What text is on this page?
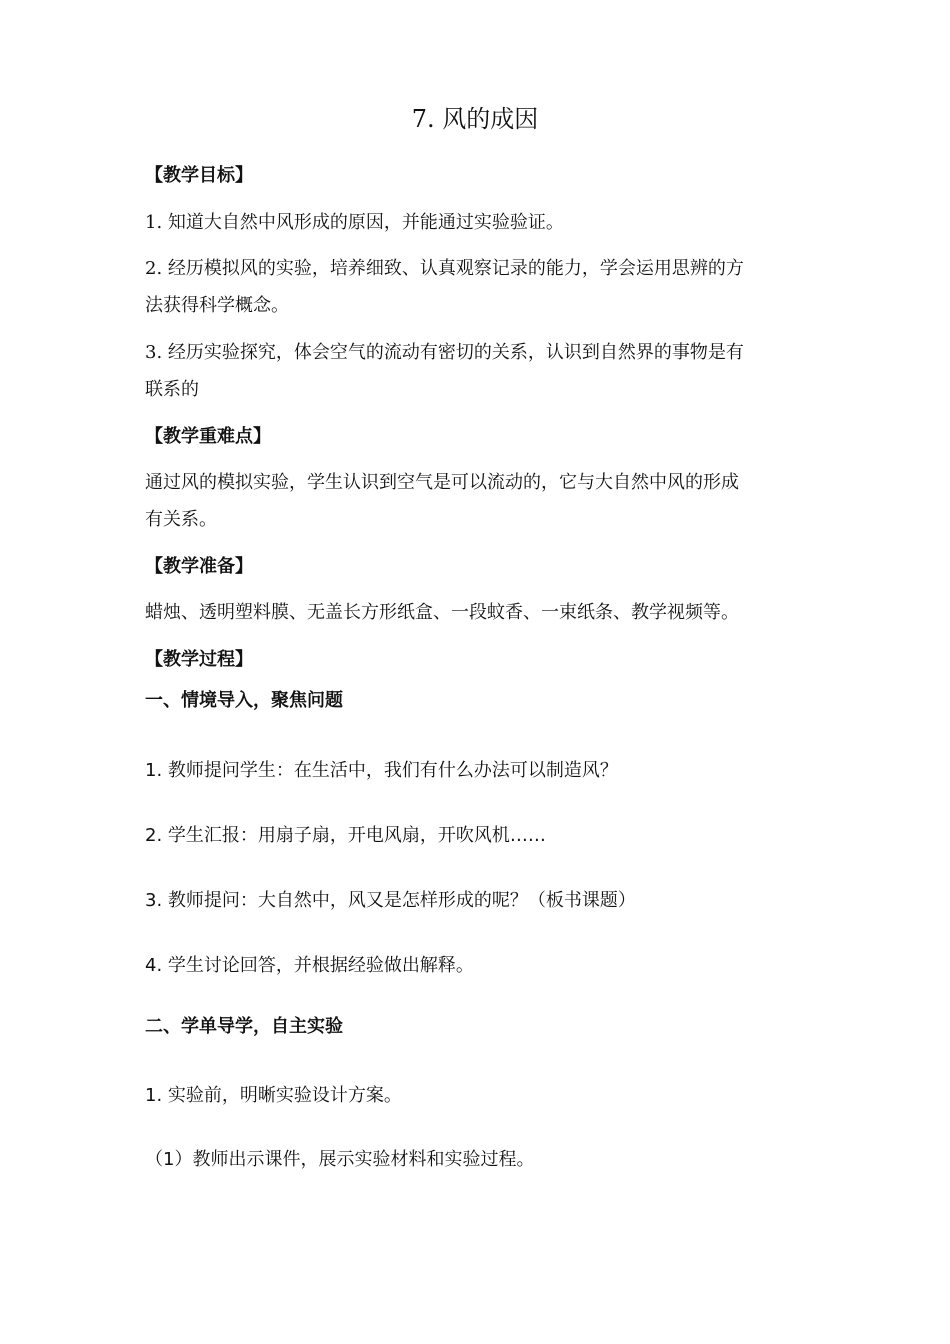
7. 风的成因
【教学目标】
1. 知道大自然中风形成的原因，并能通过实验验证。
2. 经历模拟风的实验，培养细致、认真观察记录的能力，学会运用思辨的方
法获得科学概念。
3. 经历实验探究，体会空气的流动有密切的关系，认识到自然界的事物是有
联系的
【教学重难点】
通过风的模拟实验，学生认识到空气是可以流动的，它与大自然中风的形成
有关系。
【教学准备】
蜡烛、透明塑料膜、无盖长方形纸盒、一段蚊香、一束纸条、教学视频等。
【教学过程】
一、情境导入，聚焦问题
1. 教师提问学生：在生活中，我们有什么办法可以制造风？
2. 学生汇报：用扇子扇，开电风扇，开吹风机……
3. 教师提问：大自然中，风又是怎样形成的呢？（板书课题）
4. 学生讨论回答，并根据经验做出解释。
二、学单导学，自主实验
1. 实验前，明晰实验设计方案。
（1）教师出示课件，展示实验材料和实验过程。
